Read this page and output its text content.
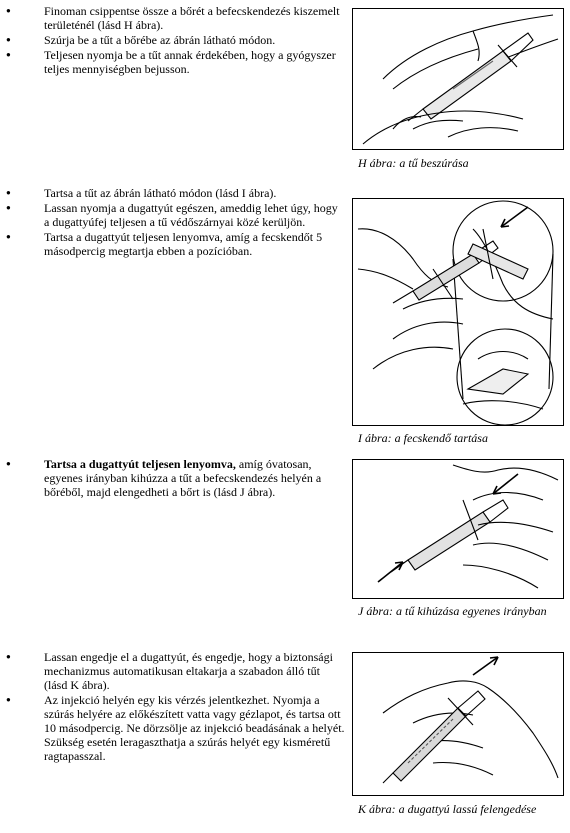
● Finoman csippentse össze a bőrét a befecskendezés kiszemelt területénél (lásd H ábra).
● Szúrja be a tűt a bőrébe az ábrán látható módon.
● Teljesen nyomja be a tűt annak érdekében, hogy a gyógyszer teljes mennyiségben bejusson.
H ábra: a tű beszúrása
● Tartsa a tűt az ábrán látható módon (lásd I ábra).
● Lassan nyomja a dugattyút egészen, ameddig lehet úgy, hogy a dugattyúfej teljesen a tű védőszárnyai közé kerüljön.
● Tartsa a dugattyút teljesen lenyomva, amíg a fecskendőt 5 másodpercig megtartja ebben a pozícióban.
I ábra: a fecskendő tartása
● Tartsa a dugattyút teljesen lenyomva, amíg óvatosan, egyenes irányban kihúzza a tűt a befecskendezés helyén a bőréből, majd elengedheti a bőrt is (lásd J ábra).
J ábra: a tű kihúzása egyenes irányban
● Lassan engedje el a dugattyút, és engedje, hogy a biztonsági mechanizmus automatikusan eltakarja a szabadon álló tűt (lásd K ábra).
● Az injekció helyén egy kis vérzés jelentkezhet. Nyomja a szúrás helyére az előkészített vatta vagy gézlapot, és tartsa ott 10 másodpercig. Ne dörzsölje az injekció beadásának a helyét. Szükség esetén leragaszthatja a szúrás helyét egy kisméretű ragtapasszal.
K ábra: a dugattyú lassú felengedése
